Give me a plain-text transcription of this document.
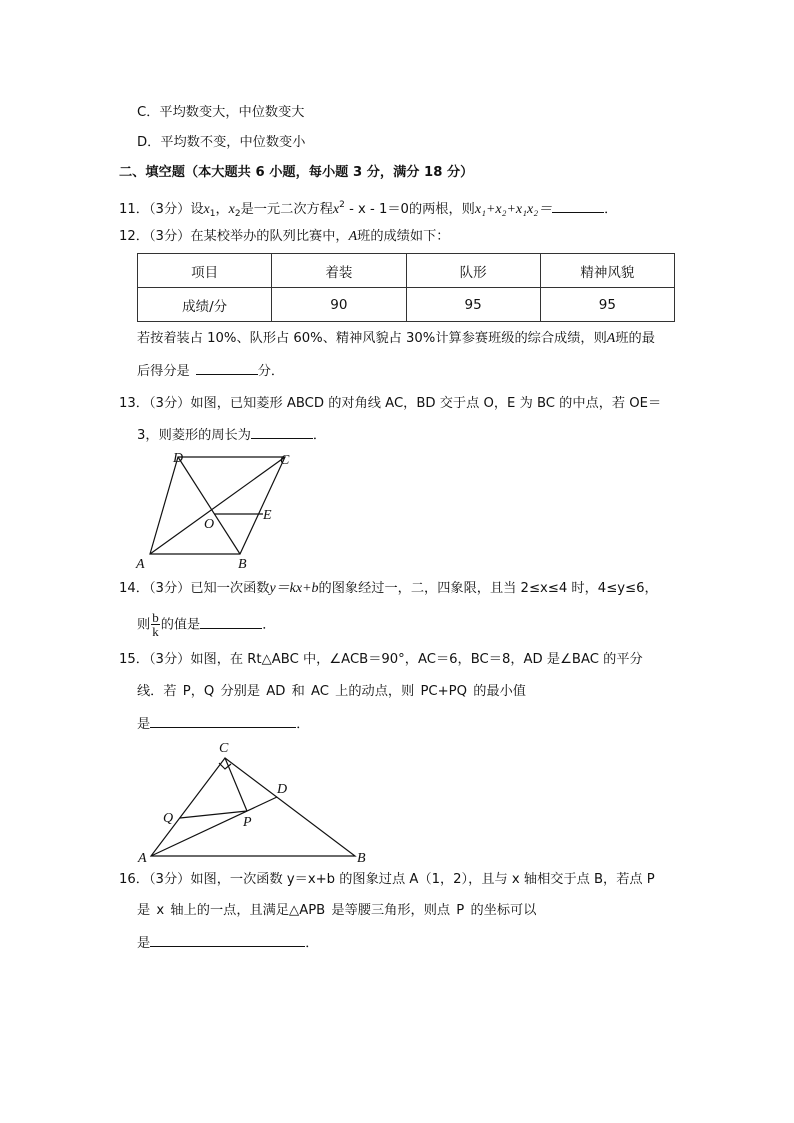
C．平均数变大，中位数变大
D．平均数不变，中位数变小
二、填空题（本大题共 6 小题，每小题 3 分，满分 18 分）
11．（3分）设$x_1$，$x_2$是一元二次方程$x^2 - x - 1=0$的两根，则x₁+x₂+x₁x₂＝	．
12．（3分）在某校举办的队列比赛中，A班的成绩如下：
项目	着装	队形	精神风貌
成绩/分	90	95	95
若按着装占 10%、队形占 60%、精神风貌占 30%计算参赛班级的综合成绩，则A班的最
后得分是	分．
13．（3分）如图，已知菱形 ABCD 的对角线 AC，BD 交于点 O，E 为 BC 的中点，若 OE＝
3，则菱形的周长为	．
A	B
C
D
O
E
14．（3分）已知一次函数y＝kx+b的图象经过一，二，四象限，且当 2≤x≤4 时，4≤y≤6，
则 $\frac{b}{k}$ 的值是	．
15．（3分）如图，在 Rt△ABC 中，∠ACB＝90°，AC＝6，BC＝8，AD 是∠BAC 的平分
线．若 P，Q 分别是 AD 和 AC 上的动点，则 PC+PQ 的最小值
是	．
A	B
C
D
P
Q
16．（3分）如图，一次函数 y＝x+b 的图象过点 A（1，2），且与 x 轴相交于点 B，若点 P
是 x 轴上的一点，且满足△APB 是等腰三角形，则点 P 的坐标可以
是	．
